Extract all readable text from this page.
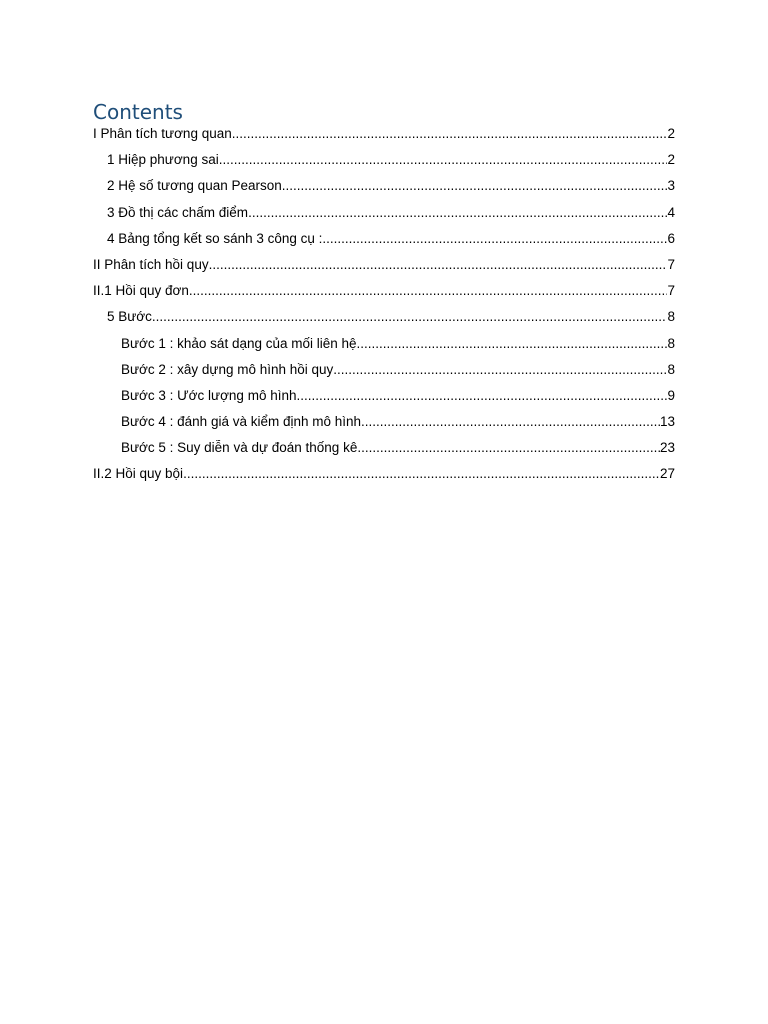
Contents
I Phân tích tương quan .....	2
1 Hiệp phương sai .....	2
2 Hệ số tương quan Pearson .....	3
3 Đồ thị các chấm điểm .....	4
4 Bảng tổng kết so sánh 3 công cụ : .....	6
II Phân tích hồi quy .....	7
II.1 Hồi quy đơn .....	7
5 Bước .....	8
Bước 1 : khảo sát dạng của mối liên hệ .....	8
Bước 2 : xây dựng mô hình hồi quy .....	8
Bước 3 : Ước lượng mô hình .....	9
Bước 4 : đánh giá và kiểm định mô hình .....	13
Bước 5 : Suy diễn và dự đoán thống kê .....	23
II.2 Hồi quy bội .....	27
